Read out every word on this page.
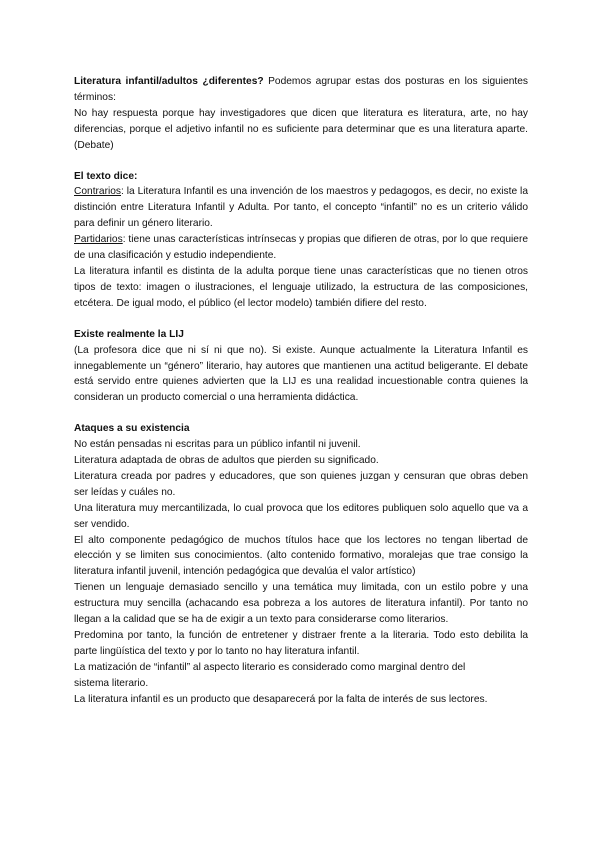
Literatura infantil/adultos ¿diferentes? Podemos agrupar estas dos posturas en los siguientes términos:

No hay respuesta porque hay investigadores que dicen que literatura es literatura, arte, no hay diferencias, porque el adjetivo infantil no es suficiente para determinar que es una literatura aparte. (Debate)

El texto dice:

Contrarios: la Literatura Infantil es una invención de los maestros y pedagogos, es decir, no existe la distinción entre Literatura Infantil y Adulta. Por tanto, el concepto “infantil” no es un criterio válido para definir un género literario.

Partidarios: tiene unas características intrínsecas y propias que difieren de otras, por lo que requiere de una clasificación y estudio independiente.

La literatura infantil es distinta de la adulta porque tiene unas características que no tienen otros tipos de texto: imagen o ilustraciones, el lenguaje utilizado, la estructura de las composiciones, etcétera. De igual modo, el público (el lector modelo) también difiere del resto.

Existe realmente la LIJ

(La profesora dice que ni sí ni que no). Si existe. Aunque actualmente la Literatura Infantil es innegablemente un “género” literario, hay autores que mantienen una actitud beligerante. El debate está servido entre quienes advierten que la LIJ es una realidad incuestionable contra quienes la consideran un producto comercial o una herramienta didáctica.

Ataques a su existencia

No están pensadas ni escritas para un público infantil ni juvenil.

Literatura adaptada de obras de adultos que pierden su significado.

Literatura creada por padres y educadores, que son quienes juzgan y censuran que obras deben ser leídas y cuáles no.

Una literatura muy mercantilizada, lo cual provoca que los editores publiquen solo aquello que va a ser vendido.

El alto componente pedagógico de muchos títulos hace que los lectores no tengan libertad de elección y se limiten sus conocimientos. (alto contenido formativo, moralejas que trae consigo la literatura infantil juvenil, intención pedagógica que devalúa el valor artístico)

Tienen un lenguaje demasiado sencillo y una temática muy limitada, con un estilo pobre y una estructura muy sencilla (achacando esa pobreza a los autores de literatura infantil). Por tanto no llegan a la calidad que se ha de exigir a un texto para considerarse como literarios.

Predomina por tanto, la función de entretener y distraer frente a la literaria. Todo esto debilita la parte lingüística del texto y por lo tanto no hay literatura infantil.

La matización de “infantil” al aspecto literario es considerado como marginal dentro del

sistema literario.

La literatura infantil es un producto que desaparecerá por la falta de interés de sus lectores.
